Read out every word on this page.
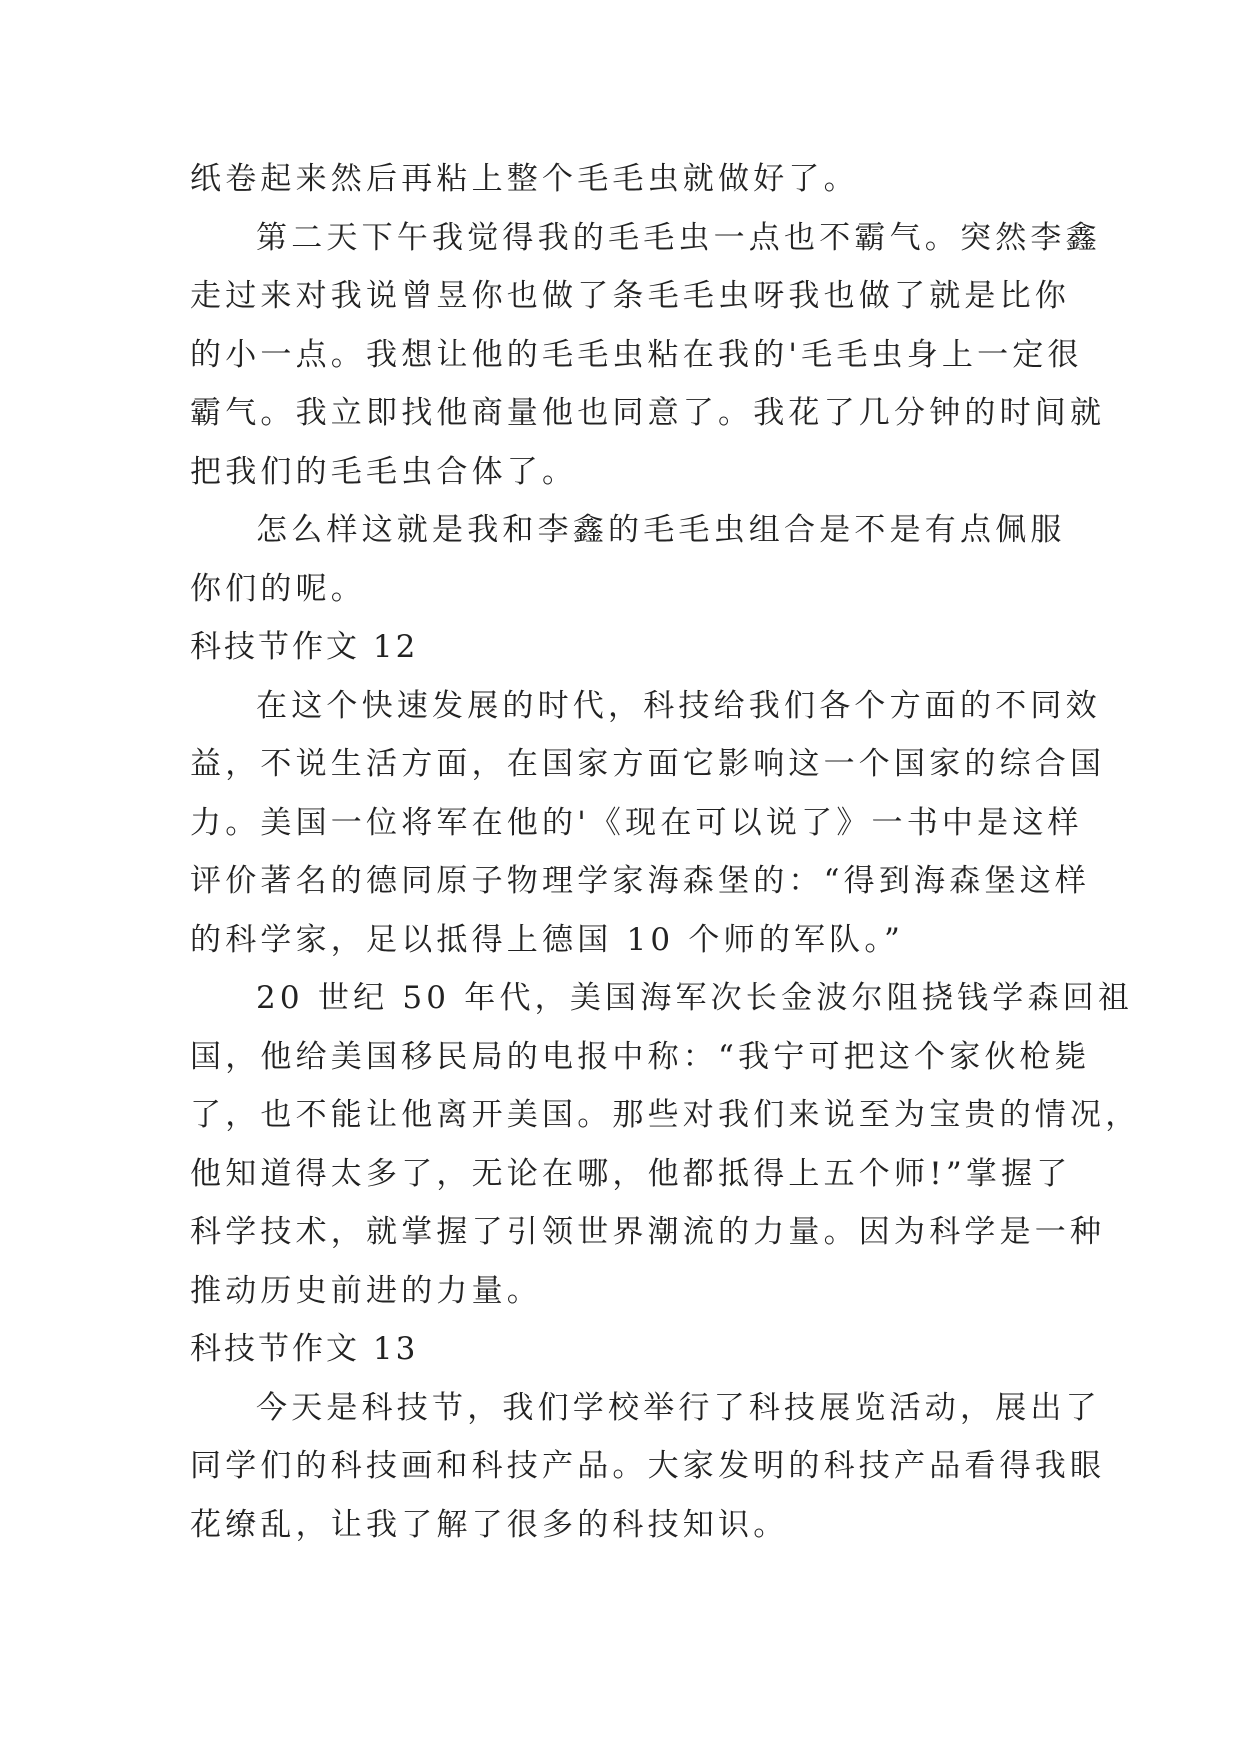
纸卷起来然后再粘上整个毛毛虫就做好了。
第二天下午我觉得我的毛毛虫一点也不霸气。突然李鑫
走过来对我说曾昱你也做了条毛毛虫呀我也做了就是比你
的小一点。我想让他的毛毛虫粘在我的'毛毛虫身上一定很
霸气。我立即找他商量他也同意了。我花了几分钟的时间就
把我们的毛毛虫合体了。
怎么样这就是我和李鑫的毛毛虫组合是不是有点佩服
你们的呢。
科技节作文 12
在这个快速发展的时代，科技给我们各个方面的不同效
益，不说生活方面，在国家方面它影响这一个国家的综合国
力。美国一位将军在他的'《现在可以说了》一书中是这样
评价著名的德同原子物理学家海森堡的：“得到海森堡这样
的科学家，足以抵得上德国 10 个师的军队。”
20 世纪 50 年代，美国海军次长金波尔阻挠钱学森回祖
国，他给美国移民局的电报中称：“我宁可把这个家伙枪毙
了，也不能让他离开美国。那些对我们来说至为宝贵的情况，
他知道得太多了，无论在哪，他都抵得上五个师!”掌握了
科学技术，就掌握了引领世界潮流的力量。因为科学是一种
推动历史前进的力量。
科技节作文 13
今天是科技节，我们学校举行了科技展览活动，展出了
同学们的科技画和科技产品。大家发明的科技产品看得我眼
花缭乱，让我了解了很多的科技知识。
